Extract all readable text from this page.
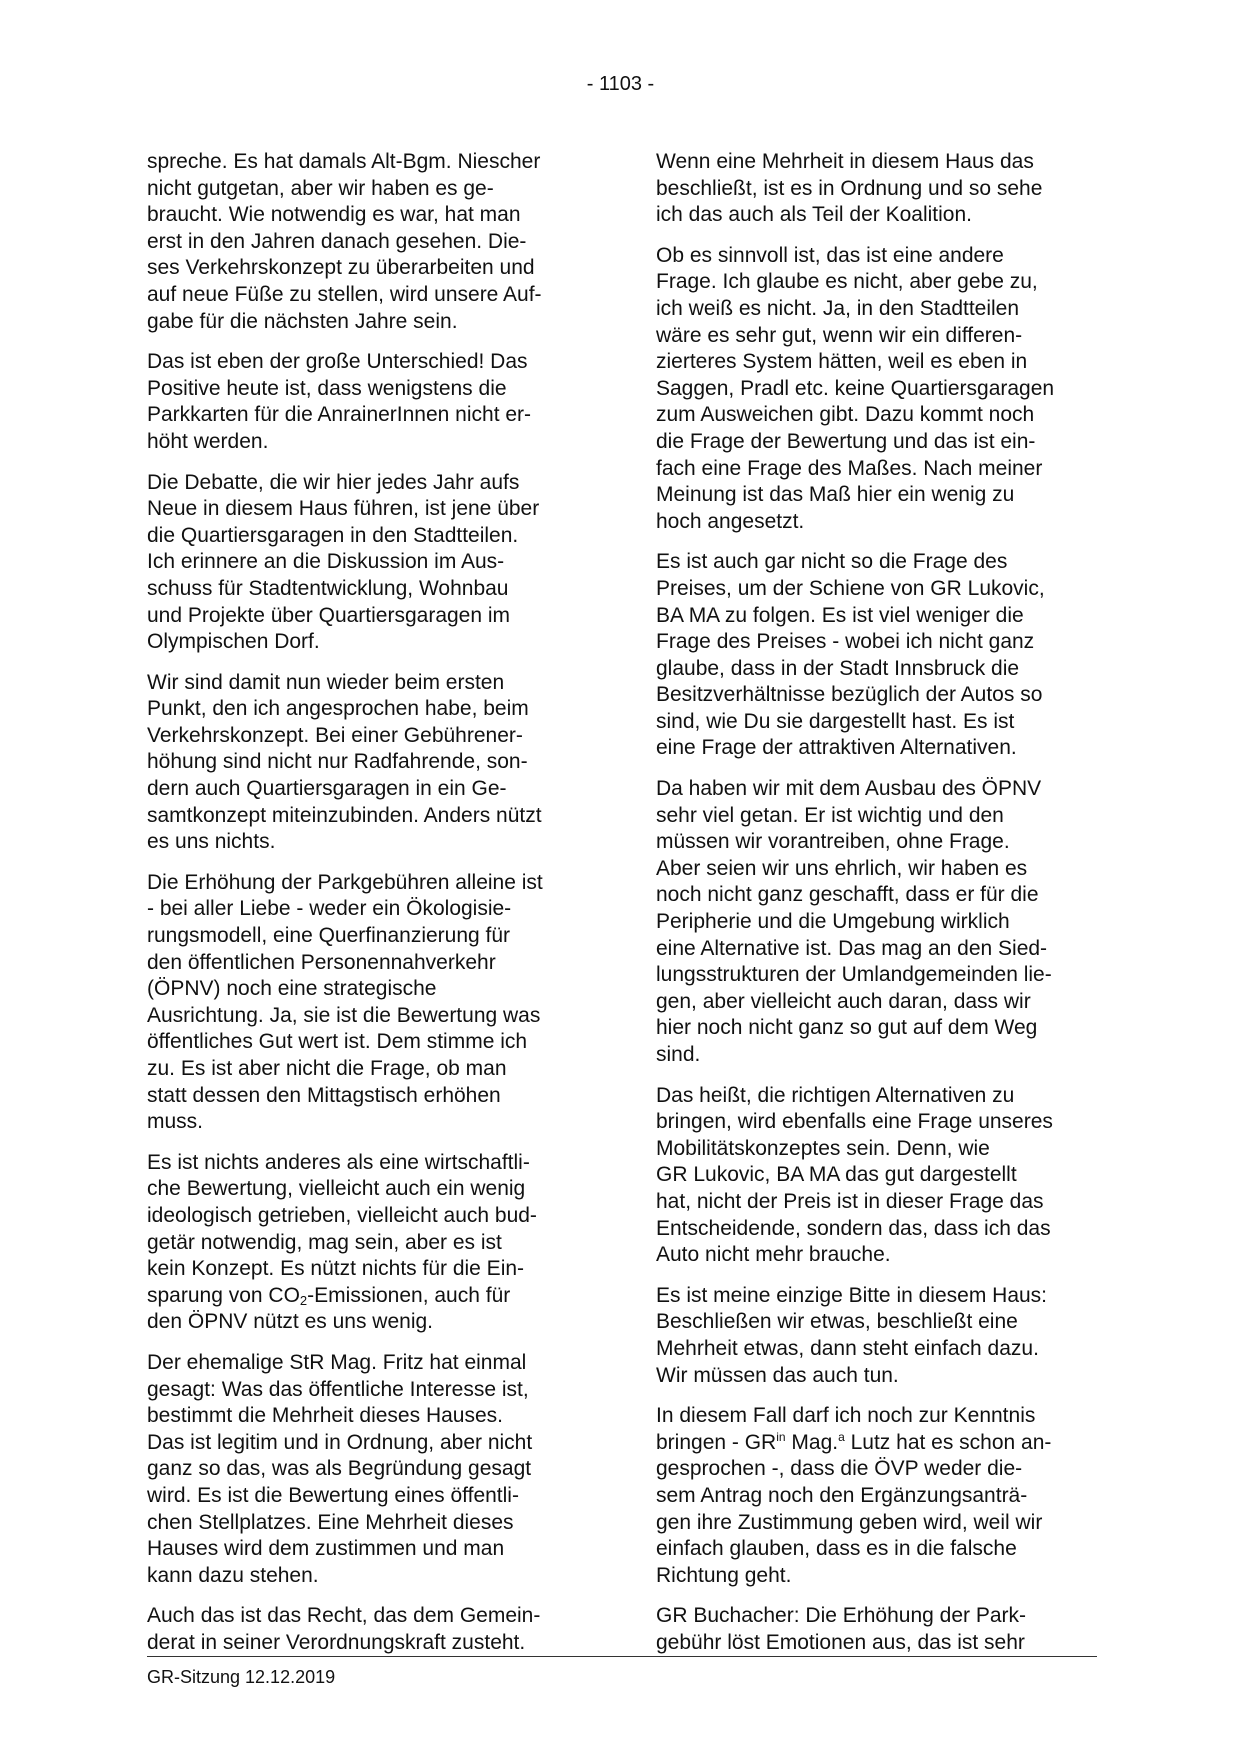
- 1103 -

spreche. Es hat damals Alt-Bgm. Niescher
nicht gutgetan, aber wir haben es ge-
braucht. Wie notwendig es war, hat man
erst in den Jahren danach gesehen. Die-
ses Verkehrskonzept zu überarbeiten und
auf neue Füße zu stellen, wird unsere Auf-
gabe für die nächsten Jahre sein.

Das ist eben der große Unterschied! Das
Positive heute ist, dass wenigstens die
Parkkarten für die AnrainerInnen nicht er-
höht werden.

Die Debatte, die wir hier jedes Jahr aufs
Neue in diesem Haus führen, ist jene über
die Quartiersgaragen in den Stadtteilen.
Ich erinnere an die Diskussion im Aus-
schuss für Stadtentwicklung, Wohnbau
und Projekte über Quartiersgaragen im
Olympischen Dorf.

Wir sind damit nun wieder beim ersten
Punkt, den ich angesprochen habe, beim
Verkehrskonzept. Bei einer Gebührener-
höhung sind nicht nur Radfahrende, son-
dern auch Quartiersgaragen in ein Ge-
samtkonzept miteinzubinden. Anders nützt
es uns nichts.

Die Erhöhung der Parkgebühren alleine ist
- bei aller Liebe - weder ein Ökologisie-
rungsmodell, eine Querfinanzierung für
den öffentlichen Personennahverkehr
(ÖPNV) noch eine strategische
Ausrichtung. Ja, sie ist die Bewertung was
öffentliches Gut wert ist. Dem stimme ich
zu. Es ist aber nicht die Frage, ob man
statt dessen den Mittagstisch erhöhen
muss.

Es ist nichts anderes als eine wirtschaftli-
che Bewertung, vielleicht auch ein wenig
ideologisch getrieben, vielleicht auch bud-
getär notwendig, mag sein, aber es ist
kein Konzept. Es nützt nichts für die Ein-
sparung von $CO_2$-Emissionen, auch für
den ÖPNV nützt es uns wenig.

Der ehemalige StR Mag. Fritz hat einmal
gesagt: Was das öffentliche Interesse ist,
bestimmt die Mehrheit dieses Hauses.
Das ist legitim und in Ordnung, aber nicht
ganz so das, was als Begründung gesagt
wird. Es ist die Bewertung eines öffentli-
chen Stellplatzes. Eine Mehrheit dieses
Hauses wird dem zustimmen und man
kann dazu stehen.

Auch das ist das Recht, das dem Gemein-
derat in seiner Verordnungskraft zusteht.

Wenn eine Mehrheit in diesem Haus das
beschließt, ist es in Ordnung und so sehe
ich das auch als Teil der Koalition.

Ob es sinnvoll ist, das ist eine andere
Frage. Ich glaube es nicht, aber gebe zu,
ich weiß es nicht. Ja, in den Stadtteilen
wäre es sehr gut, wenn wir ein differen-
zierteres System hätten, weil es eben in
Saggen, Pradl etc. keine Quartiersgaragen
zum Ausweichen gibt. Dazu kommt noch
die Frage der Bewertung und das ist ein-
fach eine Frage des Maßes. Nach meiner
Meinung ist das Maß hier ein wenig zu
hoch angesetzt.

Es ist auch gar nicht so die Frage des
Preises, um der Schiene von GR Lukovic,
BA MA zu folgen. Es ist viel weniger die
Frage des Preises - wobei ich nicht ganz
glaube, dass in der Stadt Innsbruck die
Besitzverhältnisse bezüglich der Autos so
sind, wie Du sie dargestellt hast. Es ist
eine Frage der attraktiven Alternativen.

Da haben wir mit dem Ausbau des ÖPNV
sehr viel getan. Er ist wichtig und den
müssen wir vorantreiben, ohne Frage.
Aber seien wir uns ehrlich, wir haben es
noch nicht ganz geschafft, dass er für die
Peripherie und die Umgebung wirklich
eine Alternative ist. Das mag an den Sied-
lungsstrukturen der Umlandgemeinden lie-
gen, aber vielleicht auch daran, dass wir
hier noch nicht ganz so gut auf dem Weg
sind.

Das heißt, die richtigen Alternativen zu
bringen, wird ebenfalls eine Frage unseres
Mobilitätskonzeptes sein. Denn, wie
GR Lukovic, BA MA das gut dargestellt
hat, nicht der Preis ist in dieser Frage das
Entscheidende, sondern das, dass ich das
Auto nicht mehr brauche.

Es ist meine einzige Bitte in diesem Haus:
Beschließen wir etwas, beschließt eine
Mehrheit etwas, dann steht einfach dazu.
Wir müssen das auch tun.

In diesem Fall darf ich noch zur Kenntnis
bringen - $GR^{in}$ Mag.$^a$ Lutz hat es schon an-
gesprochen -, dass die ÖVP weder die-
sem Antrag noch den Ergänzungsanträ-
gen ihre Zustimmung geben wird, weil wir
einfach glauben, dass es in die falsche
Richtung geht.

GR Buchacher: Die Erhöhung der Park-
gebühr löst Emotionen aus, das ist sehr

GR-Sitzung 12.12.2019
